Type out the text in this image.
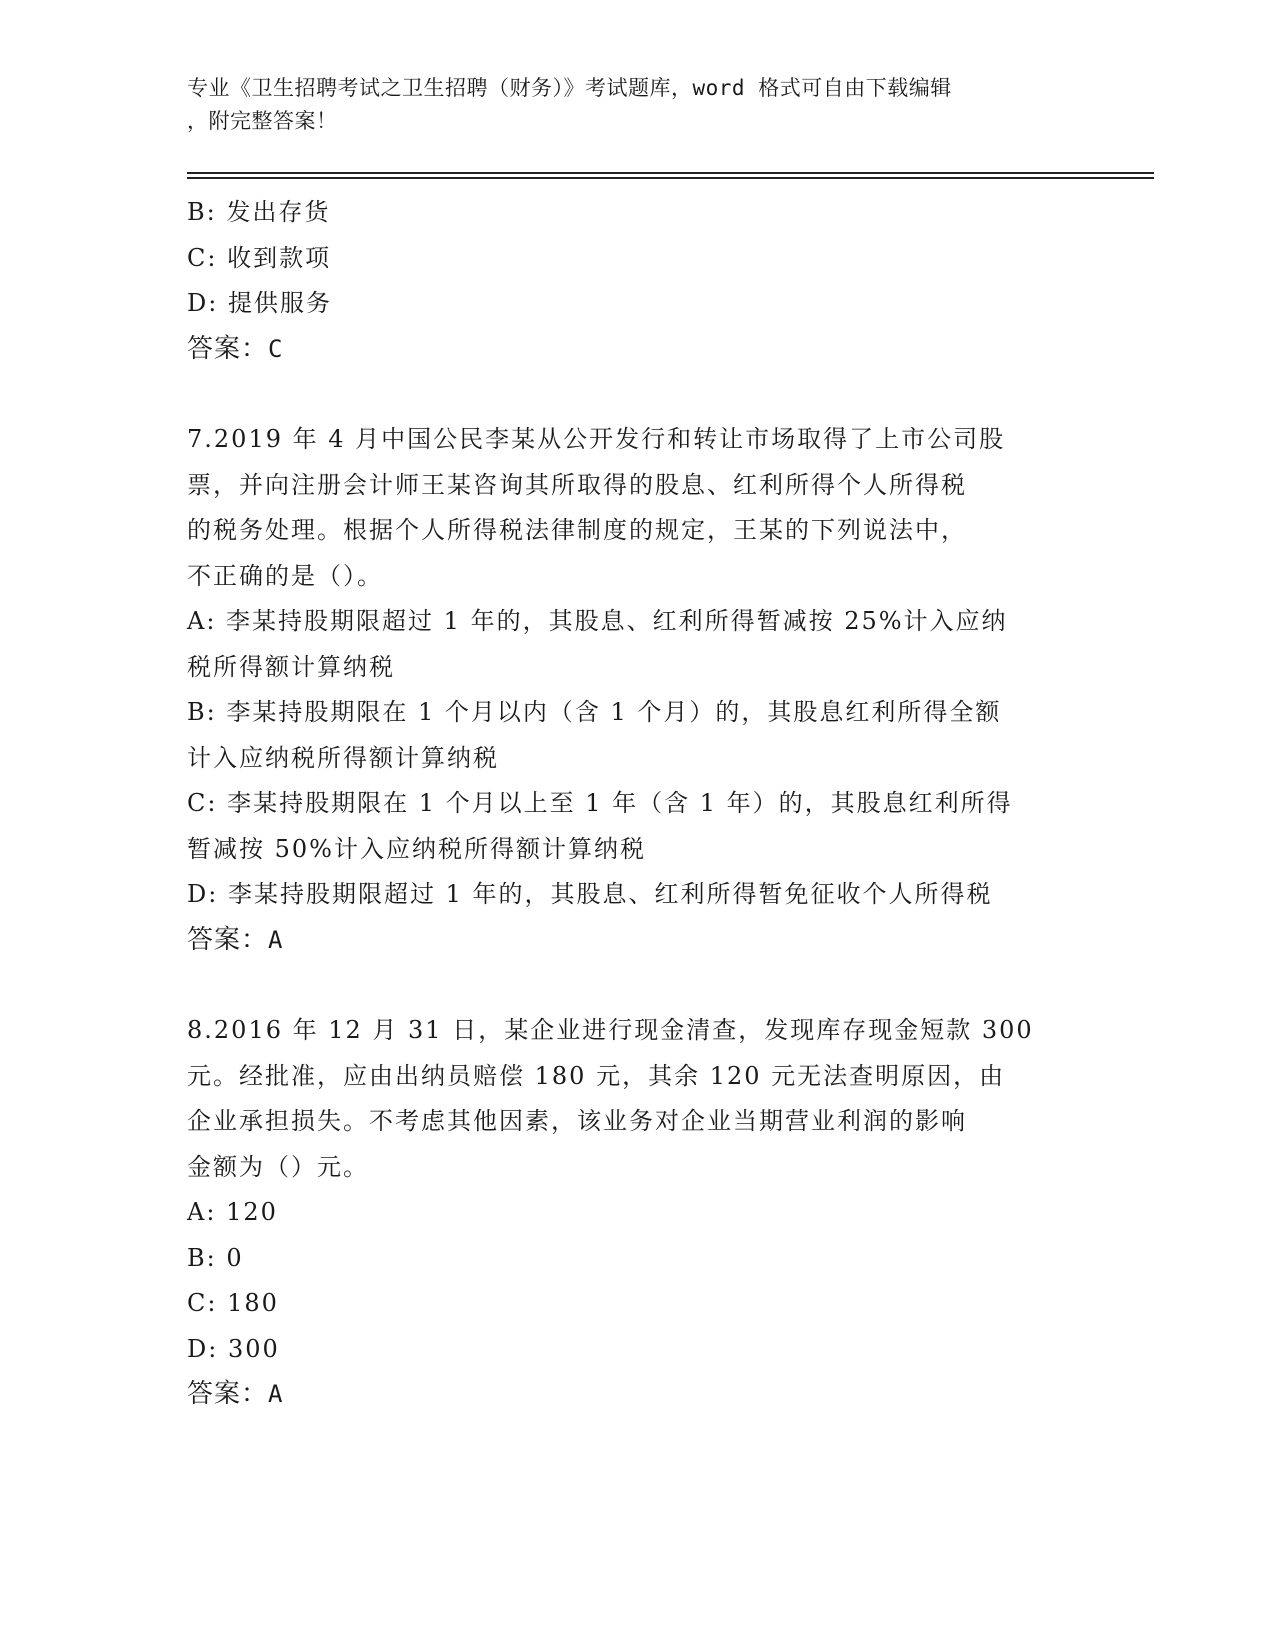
专业《卫生招聘考试之卫生招聘（财务）》考试题库，word 格式可自由下载编辑
，附完整答案！
B: 发出存货
C: 收到款项
D: 提供服务
答案：C
7.2019 年 4 月中国公民李某从公开发行和转让市场取得了上市公司股
票，并向注册会计师王某咨询其所取得的股息、红利所得个人所得税
的税务处理。根据个人所得税法律制度的规定，王某的下列说法中，
不正确的是（）。
A: 李某持股期限超过 1 年的，其股息、红利所得暂减按 25%计入应纳
税所得额计算纳税
B: 李某持股期限在 1 个月以内（含 1 个月）的，其股息红利所得全额
计入应纳税所得额计算纳税
C: 李某持股期限在 1 个月以上至 1 年（含 1 年）的，其股息红利所得
暂减按 50%计入应纳税所得额计算纳税
D: 李某持股期限超过 1 年的，其股息、红利所得暂免征收个人所得税
答案：A
8.2016 年 12 月 31 日，某企业进行现金清查，发现库存现金短款 300
元。经批准，应由出纳员赔偿 180 元，其余 120 元无法查明原因，由
企业承担损失。不考虑其他因素，该业务对企业当期营业利润的影响
金额为（）元。
A: 120
B: 0
C: 180
D: 300
答案：A
